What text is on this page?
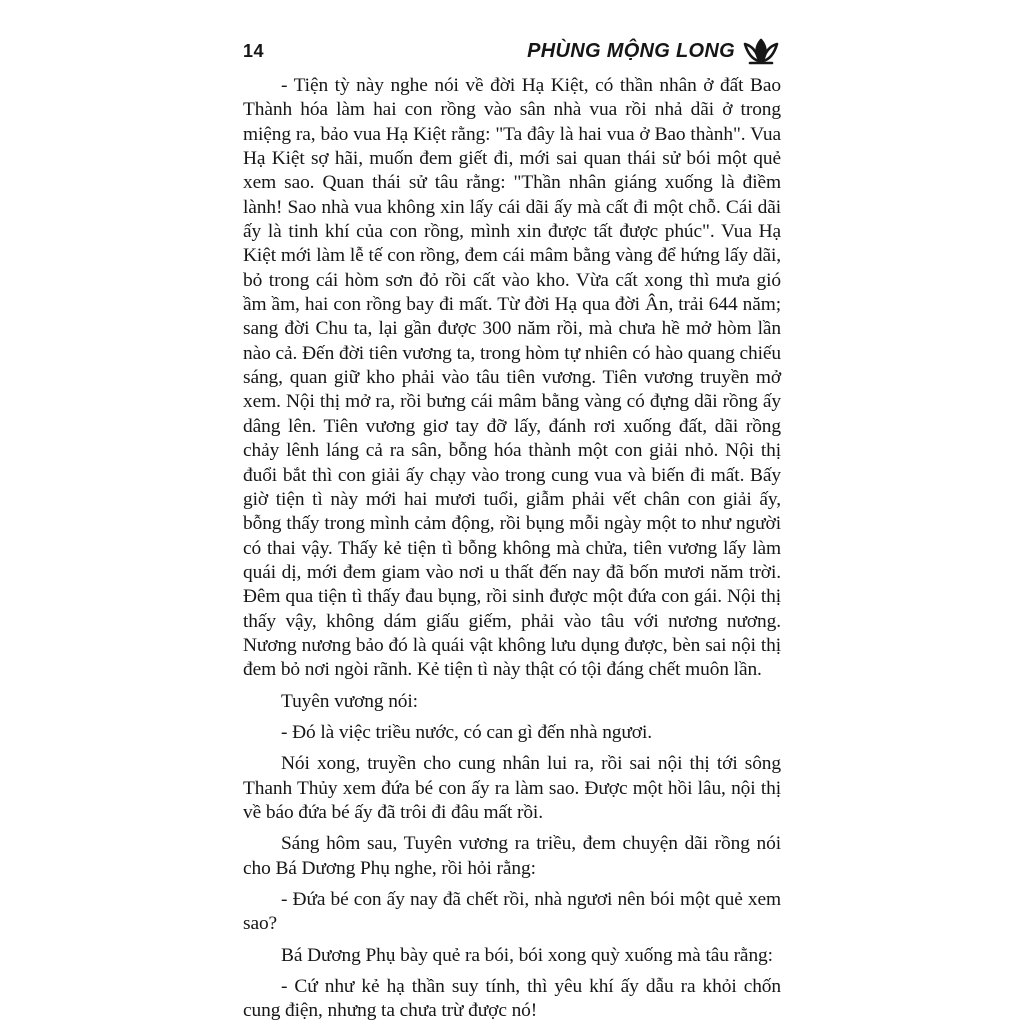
14	PHÙNG MỘNG LONG

- Tiện tỳ này nghe nói về đời Hạ Kiệt, có thần nhân ở đất Bao Thành hóa làm hai con rồng vào sân nhà vua rồi nhả dãi ở trong miệng ra, bảo vua Hạ Kiệt rằng: "Ta đây là hai vua ở Bao thành". Vua Hạ Kiệt sợ hãi, muốn đem giết đi, mới sai quan thái sử bói một quẻ xem sao. Quan thái sử tâu rằng: "Thần nhân giáng xuống là điềm lành! Sao nhà vua không xin lấy cái dãi ấy mà cất đi một chỗ. Cái dãi ấy là tinh khí của con rồng, mình xin được tất được phúc". Vua Hạ Kiệt mới làm lễ tế con rồng, đem cái mâm bằng vàng để hứng lấy dãi, bỏ trong cái hòm sơn đỏ rồi cất vào kho. Vừa cất xong thì mưa gió ầm ầm, hai con rồng bay đi mất. Từ đời Hạ qua đời Ân, trải 644 năm; sang đời Chu ta, lại gần được 300 năm rồi, mà chưa hề mở hòm lần nào cả. Đến đời tiên vương ta, trong hòm tự nhiên có hào quang chiếu sáng, quan giữ kho phải vào tâu tiên vương. Tiên vương truyền mở xem. Nội thị mở ra, rồi bưng cái mâm bằng vàng có đựng dãi rồng ấy dâng lên. Tiên vương giơ tay đỡ lấy, đánh rơi xuống đất, dãi rồng chảy lênh láng cả ra sân, bỗng hóa thành một con giải nhỏ. Nội thị đuổi bắt thì con giải ấy chạy vào trong cung vua và biến đi mất. Bấy giờ tiện tì này mới hai mươi tuổi, giẫm phải vết chân con giải ấy, bỗng thấy trong mình cảm động, rồi bụng mỗi ngày một to như người có thai vậy. Thấy kẻ tiện tì bỗng không mà chửa, tiên vương lấy làm quái dị, mới đem giam vào nơi u thất đến nay đã bốn mươi năm trời. Đêm qua tiện tì thấy đau bụng, rồi sinh được một đứa con gái. Nội thị thấy vậy, không dám giấu giếm, phải vào tâu với nương nương. Nương nương bảo đó là quái vật không lưu dụng được, bèn sai nội thị đem bỏ nơi ngòi rãnh. Kẻ tiện tì này thật có tội đáng chết muôn lần.

Tuyên vương nói:

- Đó là việc triều nước, có can gì đến nhà ngươi.

Nói xong, truyền cho cung nhân lui ra, rồi sai nội thị tới sông Thanh Thủy xem đứa bé con ấy ra làm sao. Được một hồi lâu, nội thị về báo đứa bé ấy đã trôi đi đâu mất rồi.

Sáng hôm sau, Tuyên vương ra triều, đem chuyện dãi rồng nói cho Bá Dương Phụ nghe, rồi hỏi rằng:

- Đứa bé con ấy nay đã chết rồi, nhà ngươi nên bói một quẻ xem sao?

Bá Dương Phụ bày quẻ ra bói, bói xong quỳ xuống mà tâu rằng:

- Cứ như kẻ hạ thần suy tính, thì yêu khí ấy dẫu ra khỏi chốn cung điện, nhưng ta chưa trừ được nó!
